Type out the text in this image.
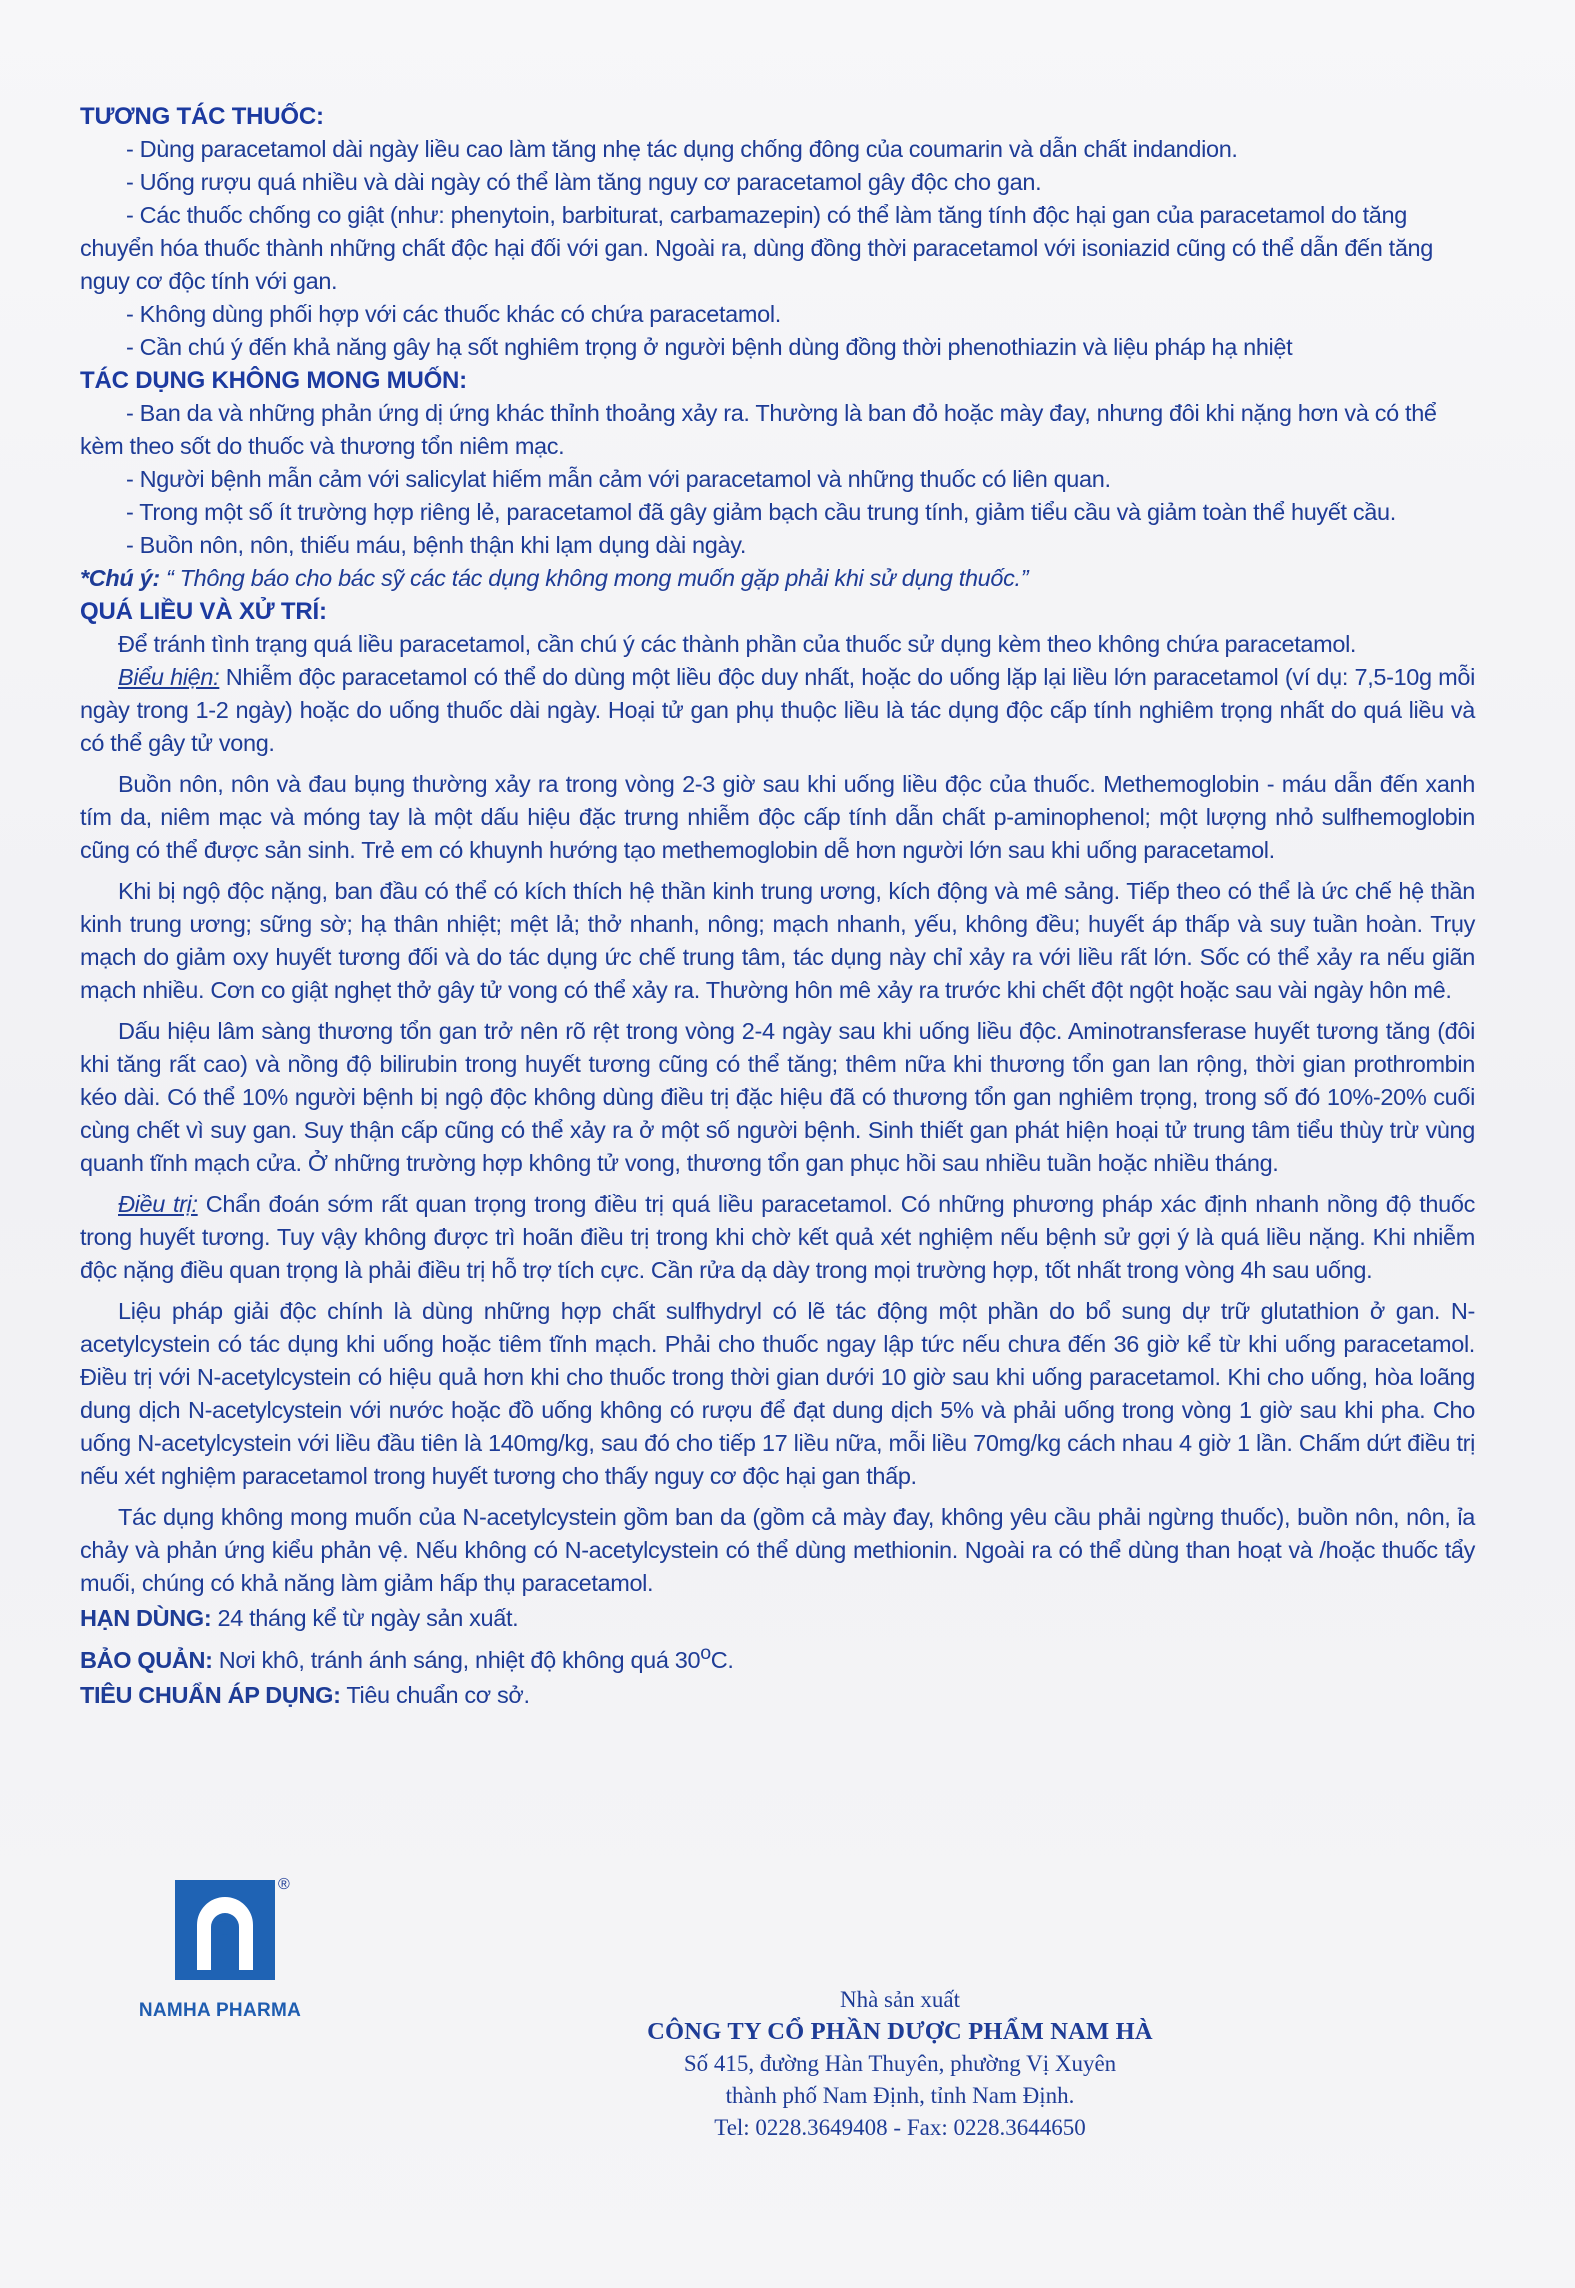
TƯƠNG TÁC THUỐC:

- Dùng paracetamol dài ngày liều cao làm tăng nhẹ tác dụng chống đông của coumarin và dẫn chất indandion.

- Uống rượu quá nhiều và dài ngày có thể làm tăng nguy cơ paracetamol gây độc cho gan.

- Các thuốc chống co giật (như: phenytoin, barbiturat, carbamazepin) có thể làm tăng tính độc hại gan của paracetamol do tăng chuyển hóa thuốc thành những chất độc hại đối với gan. Ngoài ra, dùng đồng thời paracetamol với isoniazid cũng có thể dẫn đến tăng nguy cơ độc tính với gan.

- Không dùng phối hợp với các thuốc khác có chứa paracetamol.

- Cần chú ý đến khả năng gây hạ sốt nghiêm trọng ở người bệnh dùng đồng thời phenothiazin và liệu pháp hạ nhiệt

TÁC DỤNG KHÔNG MONG MUỐN:

- Ban da và những phản ứng dị ứng khác thỉnh thoảng xảy ra. Thường là ban đỏ hoặc mày đay, nhưng đôi khi nặng hơn và có thể kèm theo sốt do thuốc và thương tổn niêm mạc.

- Người bệnh mẫn cảm với salicylat hiếm mẫn cảm với paracetamol và những thuốc có liên quan.

- Trong một số ít trường hợp riêng lẻ, paracetamol đã gây giảm bạch cầu trung tính, giảm tiểu cầu và giảm toàn thể huyết cầu.

- Buồn nôn, nôn, thiếu máu, bệnh thận khi lạm dụng dài ngày.

*Chú ý: “ Thông báo cho bác sỹ các tác dụng không mong muốn gặp phải khi sử dụng thuốc.”

QUÁ LIỀU VÀ XỬ TRÍ:

Để tránh tình trạng quá liều paracetamol, cần chú ý các thành phần của thuốc sử dụng kèm theo không chứa paracetamol.

Biểu hiện: Nhiễm độc paracetamol có thể do dùng một liều độc duy nhất, hoặc do uống lặp lại liều lớn paracetamol (ví dụ: 7,5-10g mỗi ngày trong 1-2 ngày) hoặc do uống thuốc dài ngày. Hoại tử gan phụ thuộc liều là tác dụng độc cấp tính nghiêm trọng nhất do quá liều và có thể gây tử vong.

Buồn nôn, nôn và đau bụng thường xảy ra trong vòng 2-3 giờ sau khi uống liều độc của thuốc. Methemoglobin - máu dẫn đến xanh tím da, niêm mạc và móng tay là một dấu hiệu đặc trưng nhiễm độc cấp tính dẫn chất p-aminophenol; một lượng nhỏ sulfhemoglobin cũng có thể được sản sinh. Trẻ em có khuynh hướng tạo methemoglobin dễ hơn người lớn sau khi uống paracetamol.

Khi bị ngộ độc nặng, ban đầu có thể có kích thích hệ thần kinh trung ương, kích động và mê sảng. Tiếp theo có thể là ức chế hệ thần kinh trung ương; sững sờ; hạ thân nhiệt; mệt lả; thở nhanh, nông; mạch nhanh, yếu, không đều; huyết áp thấp và suy tuần hoàn. Trụy mạch do giảm oxy huyết tương đối và do tác dụng ức chế trung tâm, tác dụng này chỉ xảy ra với liều rất lớn. Sốc có thể xảy ra nếu giãn mạch nhiều. Cơn co giật nghẹt thở gây tử vong có thể xảy ra. Thường hôn mê xảy ra trước khi chết đột ngột hoặc sau vài ngày hôn mê.

Dấu hiệu lâm sàng thương tổn gan trở nên rõ rệt trong vòng 2-4 ngày sau khi uống liều độc. Aminotransferase huyết tương tăng (đôi khi tăng rất cao) và nồng độ bilirubin trong huyết tương cũng có thể tăng; thêm nữa khi thương tổn gan lan rộng, thời gian prothrombin kéo dài. Có thể 10% người bệnh bị ngộ độc không dùng điều trị đặc hiệu đã có thương tổn gan nghiêm trọng, trong số đó 10%-20% cuối cùng chết vì suy gan. Suy thận cấp cũng có thể xảy ra ở một số người bệnh. Sinh thiết gan phát hiện hoại tử trung tâm tiểu thùy trừ vùng quanh tĩnh mạch cửa. Ở những trường hợp không tử vong, thương tổn gan phục hồi sau nhiều tuần hoặc nhiều tháng.

Điều trị: Chẩn đoán sớm rất quan trọng trong điều trị quá liều paracetamol. Có những phương pháp xác định nhanh nồng độ thuốc trong huyết tương. Tuy vậy không được trì hoãn điều trị trong khi chờ kết quả xét nghiệm nếu bệnh sử gợi ý là quá liều nặng. Khi nhiễm độc nặng điều quan trọng là phải điều trị hỗ trợ tích cực. Cần rửa dạ dày trong mọi trường hợp, tốt nhất trong vòng 4h sau uống.

Liệu pháp giải độc chính là dùng những hợp chất sulfhydryl có lẽ tác động một phần do bổ sung dự trữ glutathion ở gan. N-acetylcystein có tác dụng khi uống hoặc tiêm tĩnh mạch. Phải cho thuốc ngay lập tức nếu chưa đến 36 giờ kể từ khi uống paracetamol. Điều trị với N-acetylcystein có hiệu quả hơn khi cho thuốc trong thời gian dưới 10 giờ sau khi uống paracetamol. Khi cho uống, hòa loãng dung dịch N-acetylcystein với nước hoặc đồ uống không có rượu để đạt dung dịch 5% và phải uống trong vòng 1 giờ sau khi pha. Cho uống N-acetylcystein với liều đầu tiên là 140mg/kg, sau đó cho tiếp 17 liều nữa, mỗi liều 70mg/kg cách nhau 4 giờ 1 lần. Chấm dứt điều trị nếu xét nghiệm paracetamol trong huyết tương cho thấy nguy cơ độc hại gan thấp.

Tác dụng không mong muốn của N-acetylcystein gồm ban da (gồm cả mày đay, không yêu cầu phải ngừng thuốc), buồn nôn, nôn, ỉa chảy và phản ứng kiểu phản vệ. Nếu không có N-acetylcystein có thể dùng methionin. Ngoài ra có thể dùng than hoạt và /hoặc thuốc tẩy muối, chúng có khả năng làm giảm hấp thụ paracetamol.

HẠN DÙNG: 24 tháng kể từ ngày sản xuất.

BẢO QUẢN: Nơi khô, tránh ánh sáng, nhiệt độ không quá 30$^o$C.

TIÊU CHUẨN ÁP DỤNG: Tiêu chuẩn cơ sở.

®
NAMHA PHARMA	Nhà sản xuất
CÔNG TY CỔ PHẦN DƯỢC PHẨM NAM HÀ
Số 415, đường Hàn Thuyên, phường Vị Xuyên
thành phố Nam Định, tỉnh Nam Định.
Tel: 0228.3649408 - Fax: 0228.3644650
